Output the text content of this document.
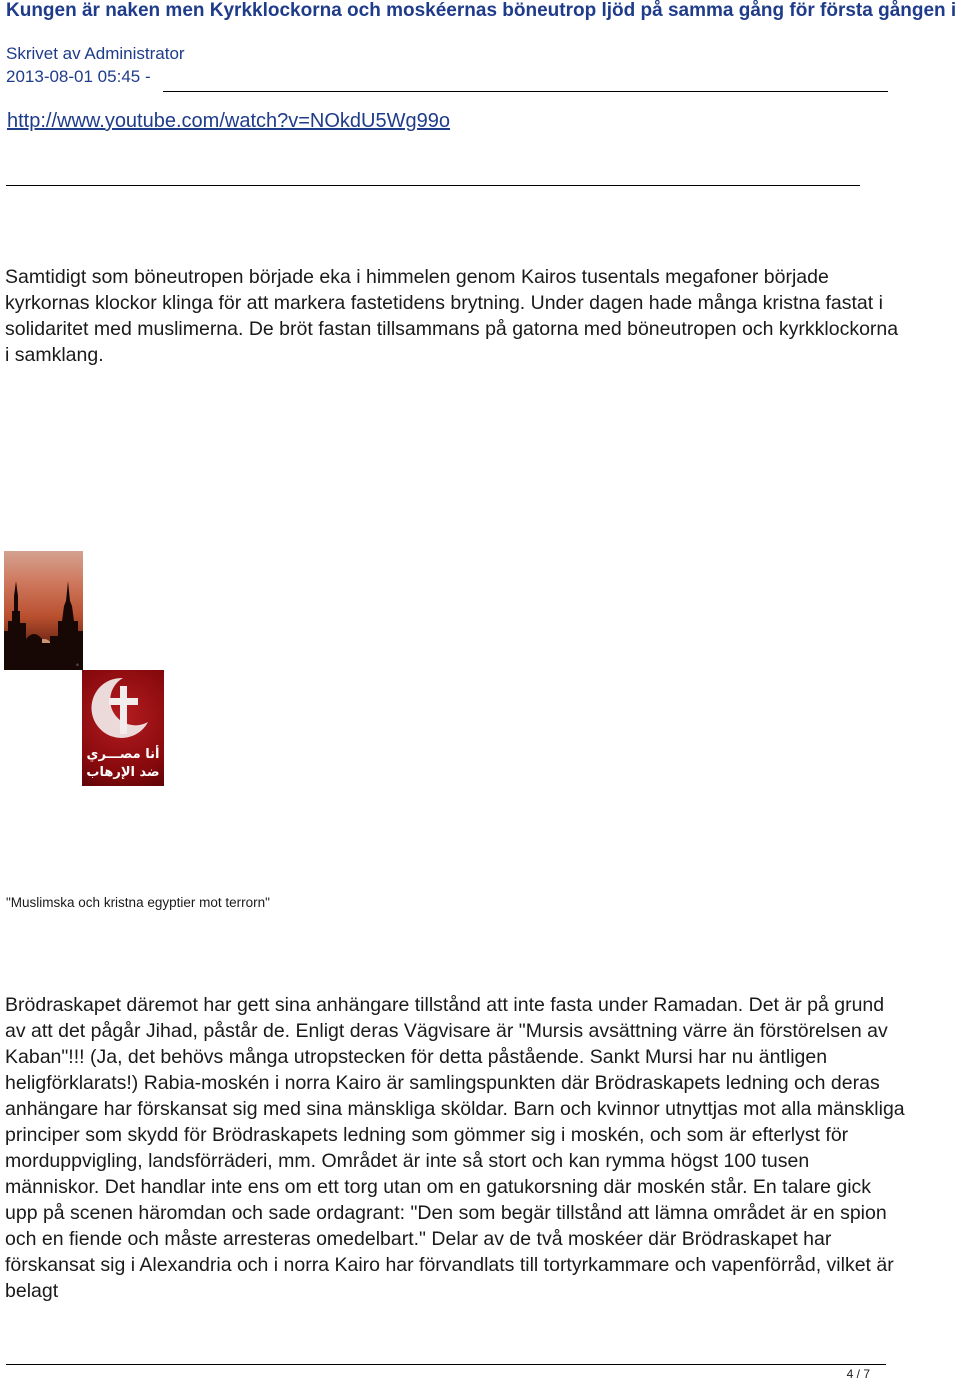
Kungen är naken men Kyrkklockorna och moskéernas böneutrop ljöd på samma gång för första gången i
Skrivet av Administrator
2013-08-01 05:45 -
http://www.youtube.com/watch?v=NOkdU5Wg99o

Samtidigt som böneutropen började eka i himmelen genom Kairos tusentals megafoner började kyrkornas klockor klinga för att markera fastetidens brytning. Under dagen hade många kristna fastat i solidaritet med muslimerna. De bröt fastan tillsammans på gatorna med böneutropen och kyrkklockorna i samklang.

©
أنا مصـــري
ضد الإرهاب
"Muslimska och kristna egyptier mot terrorn"

Brödraskapet däremot har gett sina anhängare tillstånd att inte fasta under Ramadan. Det är på grund av att det pågår Jihad, påstår de. Enligt deras Vägvisare är "Mursis avsättning värre än förstörelsen av Kaban"!!! (Ja, det behövs många utropstecken för detta påstående. Sankt Mursi har nu äntligen heligförklarats!) Rabia-moskén i norra Kairo är samlingspunkten där Brödraskapets ledning och deras anhängare har förskansat sig med sina mänskliga sköldar. Barn och kvinnor utnyttjas mot alla mänskliga principer som skydd för Brödraskapets ledning som gömmer sig i moskén, och som är efterlyst för morduppvigling, landsförräderi, mm. Området är inte så stort och kan rymma högst 100 tusen människor. Det handlar inte ens om ett torg utan om en gatukorsning där moskén står. En talare gick upp på scenen häromdan och sade ordagrant: "Den som begär tillstånd att lämna området är en spion och en fiende och måste arresteras omedelbart." Delar av de två moskéer där Brödraskapet har förskansat sig i Alexandria och i norra Kairo har förvandlats till tortyrkammare och vapenförråd, vilket är belagt

4 / 7
